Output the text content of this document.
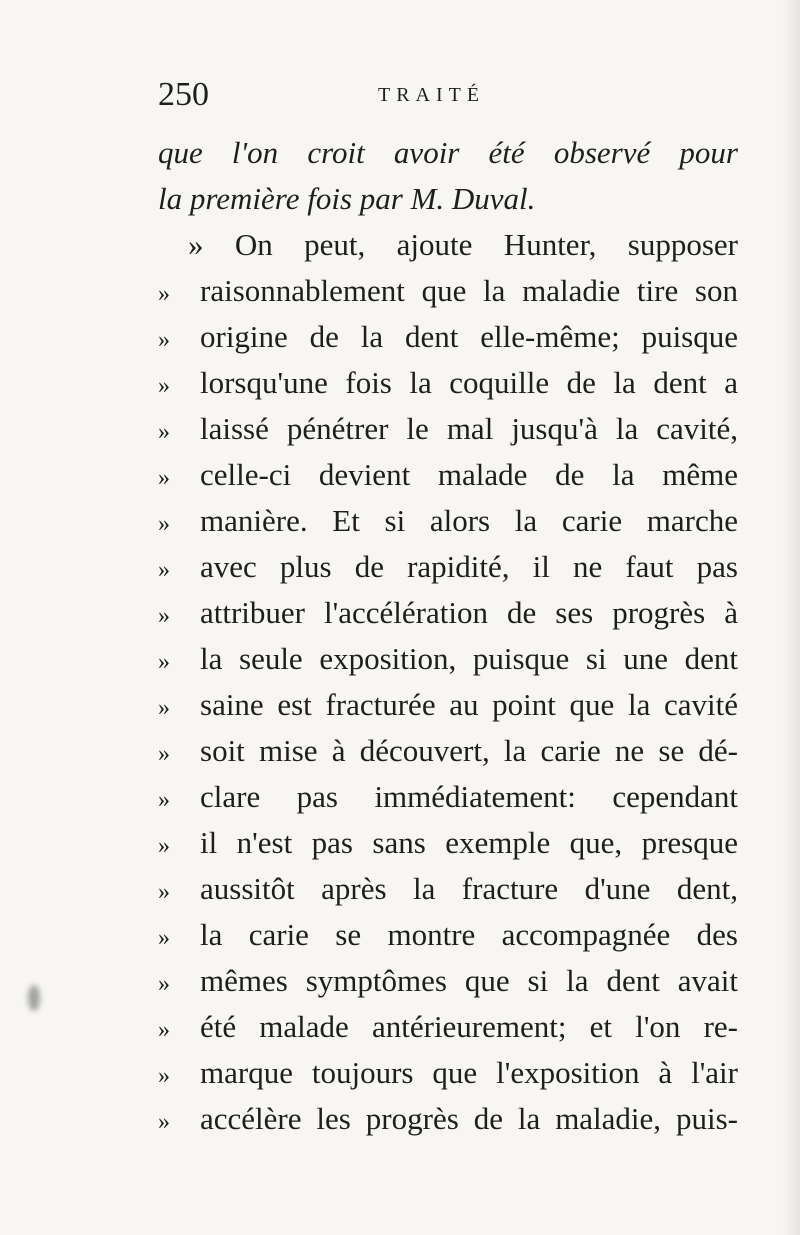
250	TRAITÉ
que l'on croit avoir été observé pour
la première fois par M. Duval.
» On peut, ajoute Hunter, supposer
» raisonnablement que la maladie tire son
» origine de la dent elle-même; puisque
» lorsqu'une fois la coquille de la dent a
» laissé pénétrer le mal jusqu'à la cavité,
» celle-ci devient malade de la même
» manière. Et si alors la carie marche
» avec plus de rapidité, il ne faut pas
» attribuer l'accélération de ses progrès à
» la seule exposition, puisque si une dent
» saine est fracturée au point que la cavité
» soit mise à découvert, la carie ne se dé-
» clare pas immédiatement: cependant
» il n'est pas sans exemple que, presque
» aussitôt après la fracture d'une dent,
» la carie se montre accompagnée des
» mêmes symptômes que si la dent avait
» été malade antérieurement; et l'on re-
» marque toujours que l'exposition à l'air
» accélère les progrès de la maladie, puis-
